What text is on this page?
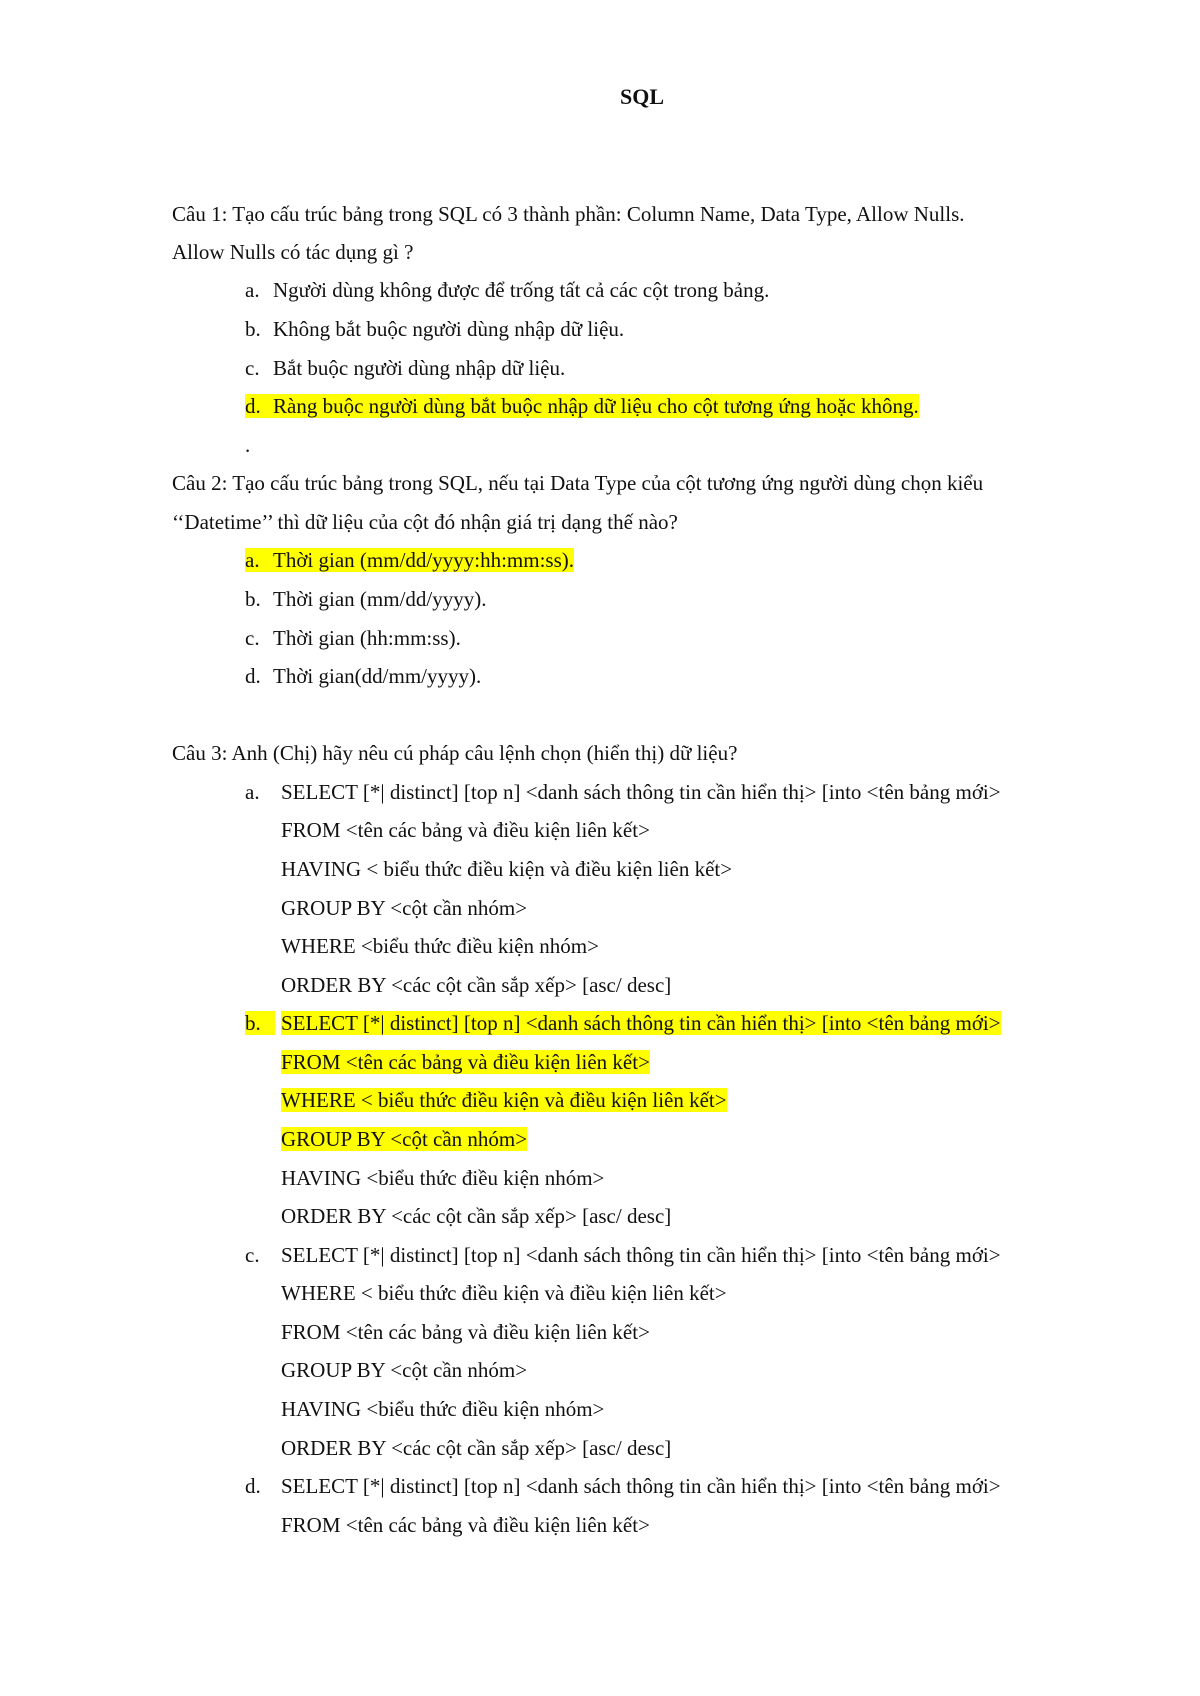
SQL
Câu 1: Tạo cấu trúc bảng trong SQL có 3 thành phần: Column Name, Data Type, Allow Nulls.
Allow Nulls có tác dụng gì ?
a. Người dùng không được để trống tất cả các cột trong bảng.
b. Không bắt buộc người dùng nhập dữ liệu.
c. Bắt buộc người dùng nhập dữ liệu.
d. Ràng buộc người dùng bắt buộc nhập dữ liệu cho cột tương ứng hoặc không.
.
Câu 2: Tạo cấu trúc bảng trong SQL, nếu tại Data Type của cột tương ứng người dùng chọn kiểu
‘‘Datetime’’ thì dữ liệu của cột đó nhận giá trị dạng thế nào?
a. Thời gian (mm/dd/yyyy:hh:mm:ss).
b. Thời gian (mm/dd/yyyy).
c. Thời gian (hh:mm:ss).
d. Thời gian(dd/mm/yyyy).
Câu 3: Anh (Chị) hãy nêu cú pháp câu lệnh chọn (hiển thị) dữ liệu?
a. SELECT [*| distinct] [top n] <danh sách thông tin cần hiển thị> [into <tên bảng mới>
FROM <tên các bảng và điều kiện liên kết>
HAVING < biểu thức điều kiện và điều kiện liên kết>
GROUP BY <cột cần nhóm>
WHERE <biểu thức điều kiện nhóm>
ORDER BY <các cột cần sắp xếp> [asc/ desc]
b. SELECT [*| distinct] [top n] <danh sách thông tin cần hiển thị> [into <tên bảng mới>
FROM <tên các bảng và điều kiện liên kết>
WHERE < biểu thức điều kiện và điều kiện liên kết>
GROUP BY <cột cần nhóm>
HAVING <biểu thức điều kiện nhóm>
ORDER BY <các cột cần sắp xếp> [asc/ desc]
c. SELECT [*| distinct] [top n] <danh sách thông tin cần hiển thị> [into <tên bảng mới>
WHERE < biểu thức điều kiện và điều kiện liên kết>
FROM <tên các bảng và điều kiện liên kết>
GROUP BY <cột cần nhóm>
HAVING <biểu thức điều kiện nhóm>
ORDER BY <các cột cần sắp xếp> [asc/ desc]
d. SELECT [*| distinct] [top n] <danh sách thông tin cần hiển thị> [into <tên bảng mới>
FROM <tên các bảng và điều kiện liên kết>
